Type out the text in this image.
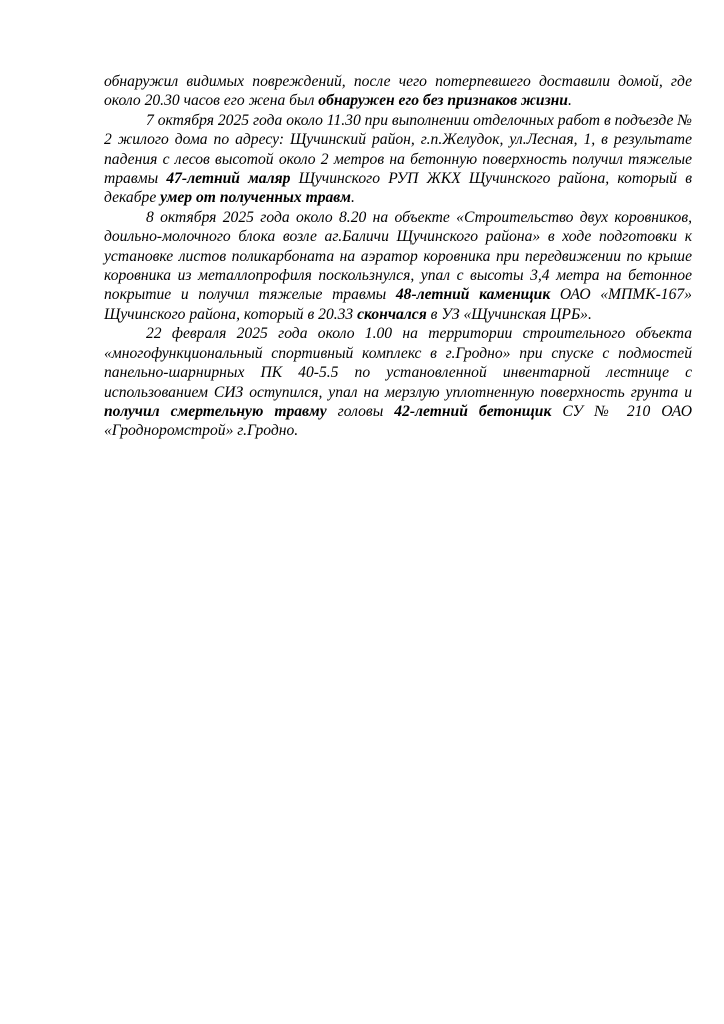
обнаружил видимых повреждений, после чего потерпевшего доставили домой, где около 20.30 часов его жена был обнаружен его без признаков жизни.

7 октября 2025 года около 11.30 при выполнении отделочных работ в подъезде № 2 жилого дома по адресу: Щучинский район, г.п.Желудок, ул.Лесная, 1, в результате падения с лесов высотой около 2 метров на бетонную поверхность получил тяжелые травмы 47-летний маляр Щучинского РУП ЖКХ Щучинского района, который в декабре умер от полученных травм.

8 октября 2025 года около 8.20 на объекте «Строительство двух коровников, доильно-молочного блока возле аг.Баличи Щучинского района» в ходе подготовки к установке листов поликарбоната на аэратор коровника при передвижении по крыше коровника из металлопрофиля поскользнулся, упал с высоты 3,4 метра на бетонное покрытие и получил тяжелые травмы 48-летний каменщик ОАО «МПМК-167» Щучинского района, который в 20.33 скончался в УЗ «Щучинская ЦРБ».

22 февраля 2025 года около 1.00 на территории строительного объекта «многофункциональный спортивный комплекс в г.Гродно» при спуске с подмостей панельно-шарнирных ПК 40-5.5 по установленной инвентарной лестнице с использованием СИЗ оступился, упал на мерзлую уплотненную поверхность грунта и получил смертельную травму головы 42-летний бетонщик СУ № 210 ОАО «Гродноромстрой» г.Гродно.
